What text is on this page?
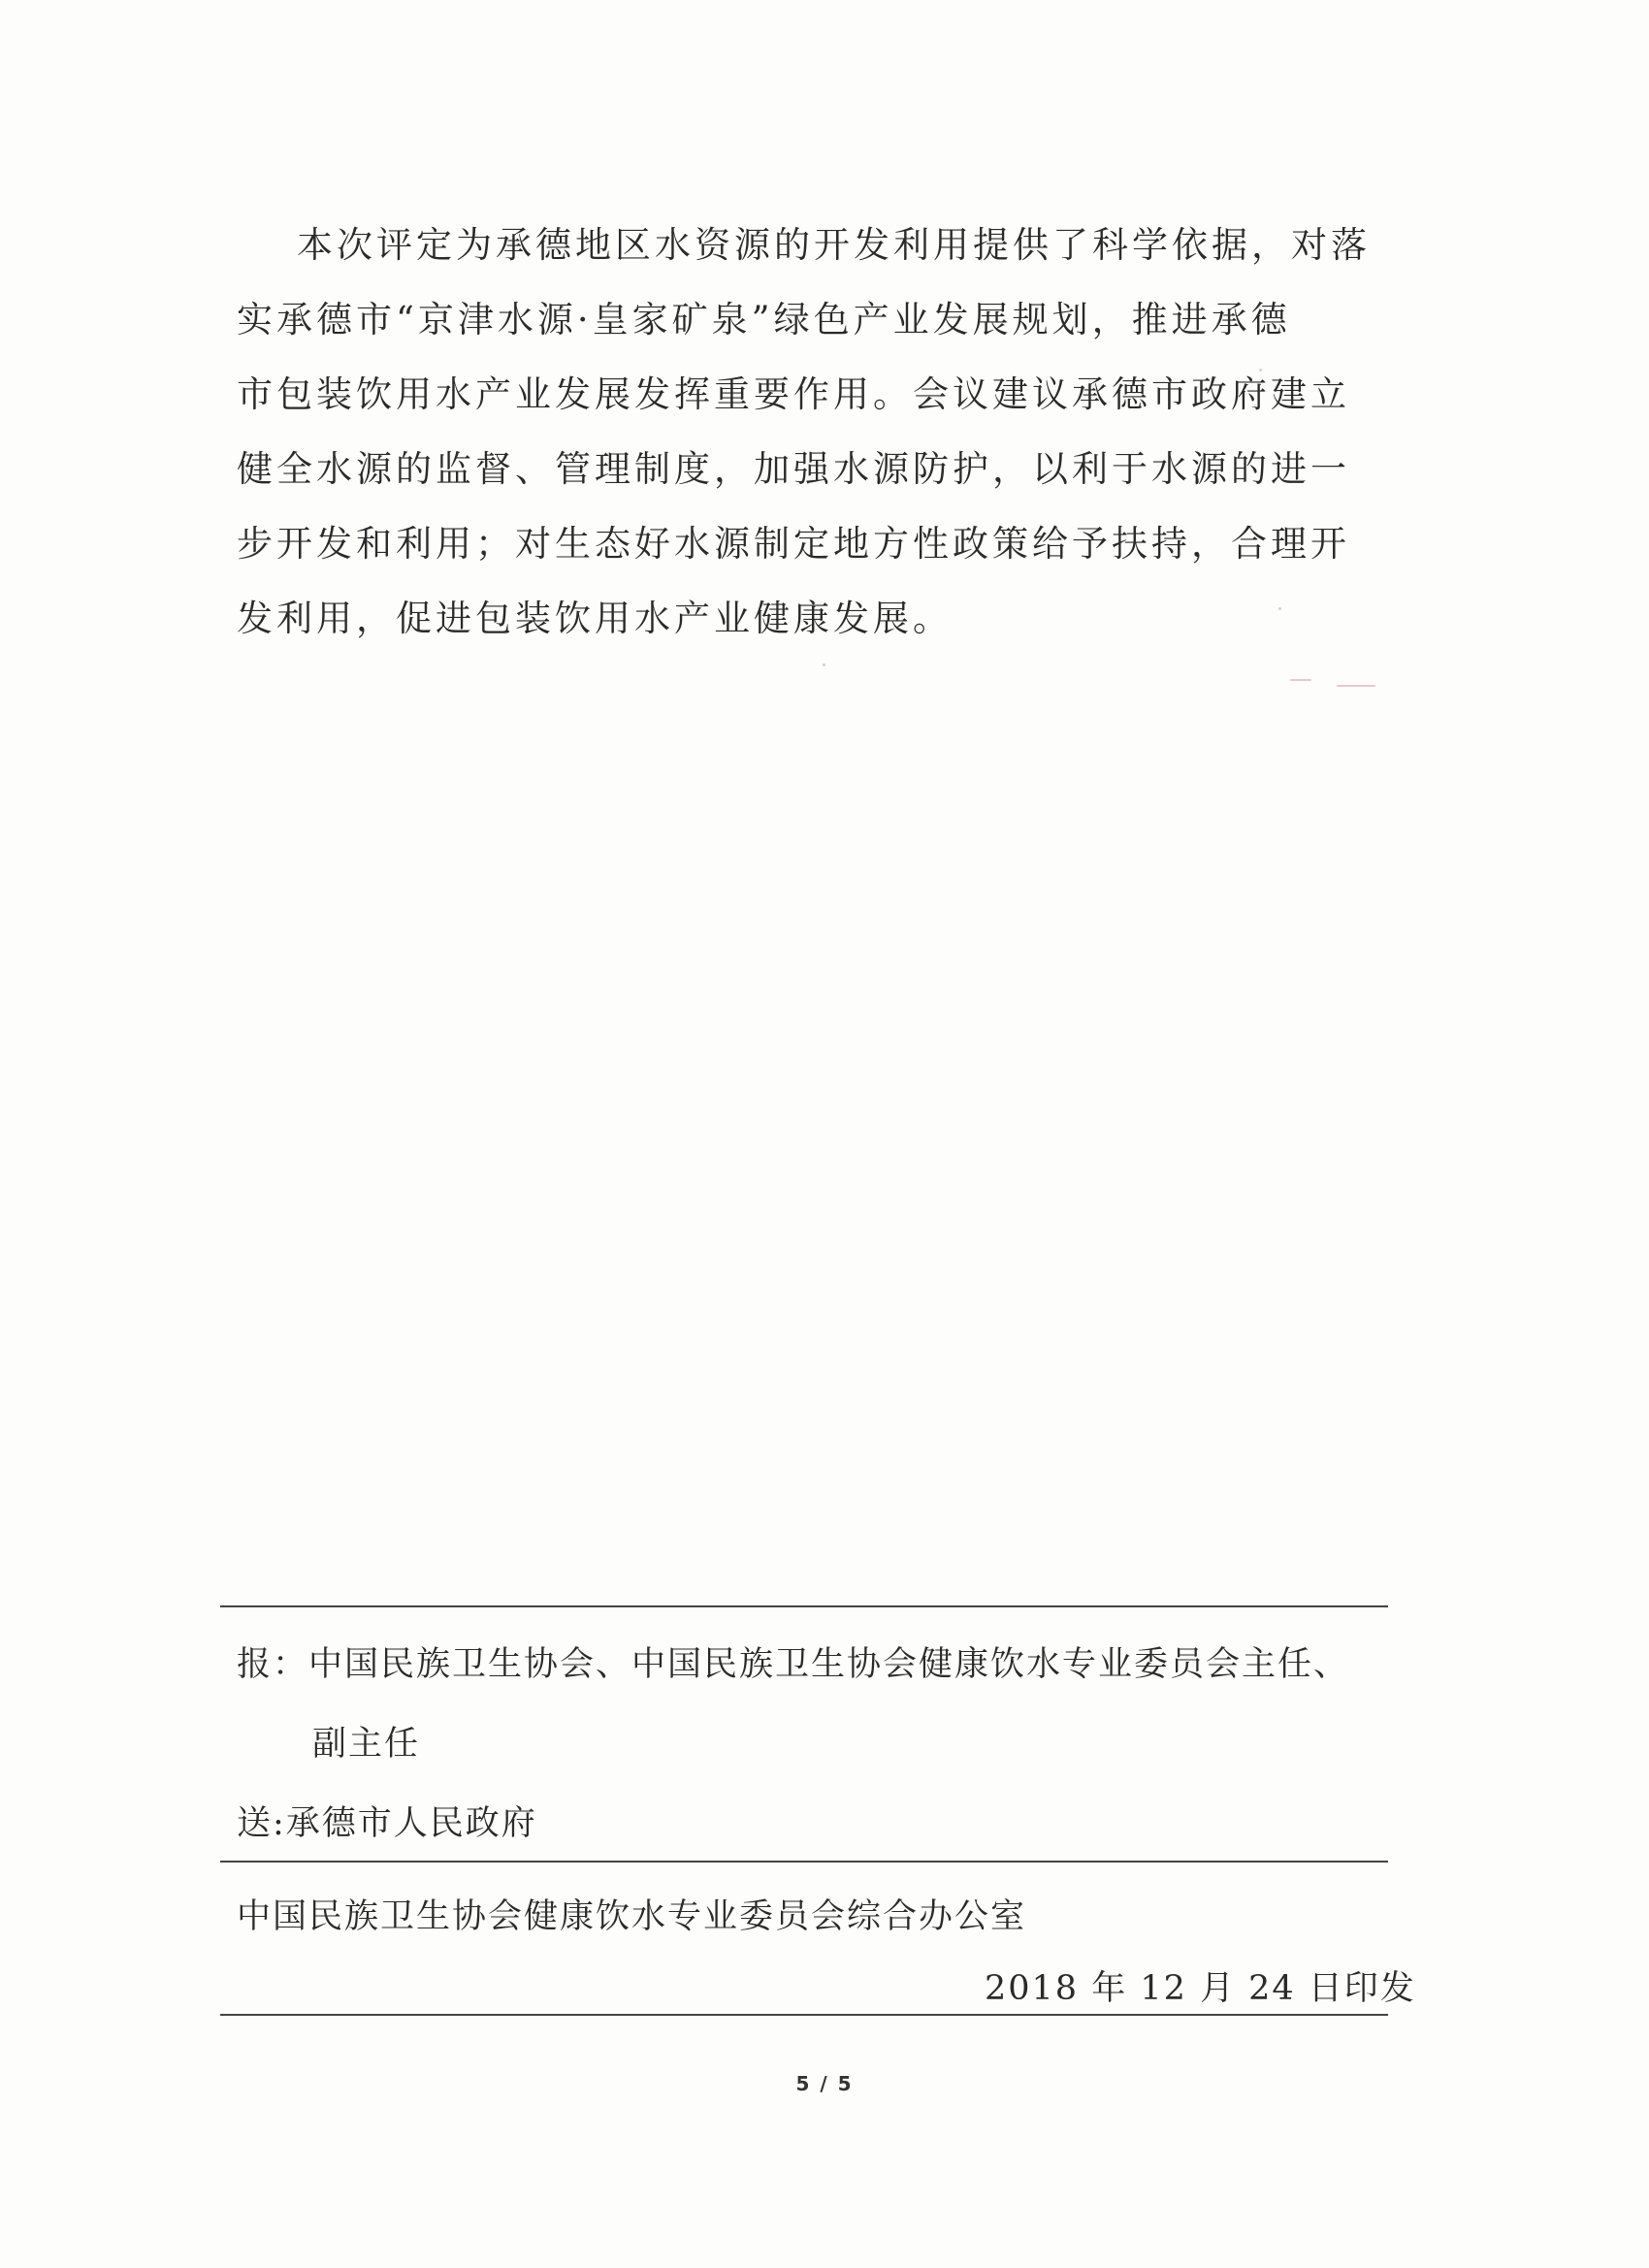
本次评定为承德地区水资源的开发利用提供了科学依据，对落
实承德市“京津水源·皇家矿泉”绿色产业发展规划，推进承德
市包装饮用水产业发展发挥重要作用。会议建议承德市政府建立
健全水源的监督、管理制度，加强水源防护，以利于水源的进一
步开发和利用；对生态好水源制定地方性政策给予扶持，合理开
发利用，促进包装饮用水产业健康发展。
报：中国民族卫生协会、中国民族卫生协会健康饮水专业委员会主任、
副主任
送:承德市人民政府
中国民族卫生协会健康饮水专业委员会综合办公室
2018 年 12 月 24 日印发
5 / 5
